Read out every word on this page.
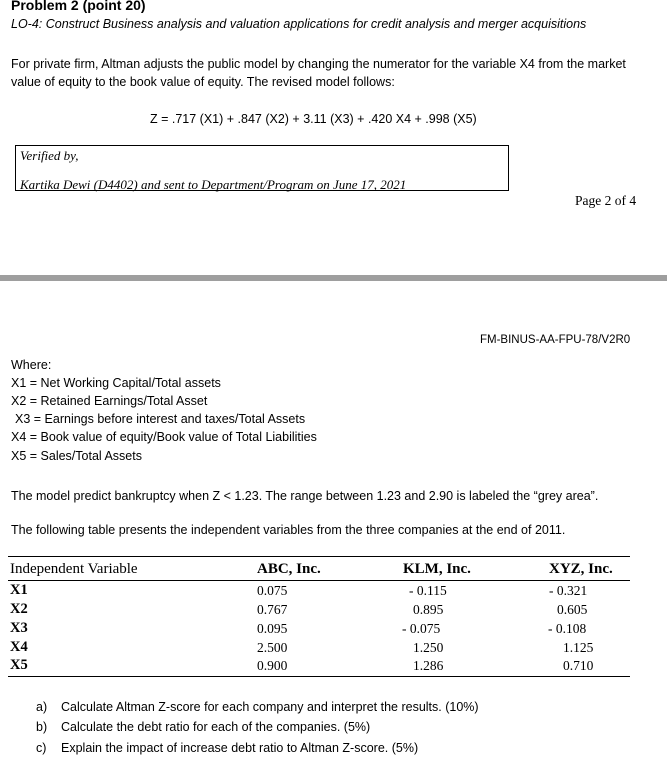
Problem 2 (point 20)
LO-4: Construct Business analysis and valuation applications for credit analysis and merger acquisitions
For private firm, Altman adjusts the public model by changing the numerator for the variable X4 from the market value of equity to the book value of equity. The revised model follows:
Z = .717 (X1) + .847 (X2) + 3.11 (X3) + .420 X4 + .998 (X5)
Verified by,
Kartika Dewi (D4402) and sent to Department/Program on June 17, 2021
Page 2 of 4
FM-BINUS-AA-FPU-78/V2R0
Where:
X1 = Net Working Capital/Total assets
X2 = Retained Earnings/Total Asset
X3 = Earnings before interest and taxes/Total Assets
X4 = Book value of equity/Book value of Total Liabilities
X5 = Sales/Total Assets
The model predict bankruptcy when Z < 1.23. The range between 1.23 and 2.90 is labeled the “grey area”.
The following table presents the independent variables from the three companies at the end of 2011.
Independent Variable	ABC, Inc.	KLM, Inc.	XYZ, Inc.
X1	0.075	- 0.115	- 0.321
X2	0.767	0.895	0.605
X3	0.095	- 0.075	- 0.108
X4	2.500	1.250	1.125
X5	0.900	1.286	0.710
a) Calculate Altman Z-score for each company and interpret the results. (10%)
b) Calculate the debt ratio for each of the companies. (5%)
c) Explain the impact of increase debt ratio to Altman Z-score. (5%)
